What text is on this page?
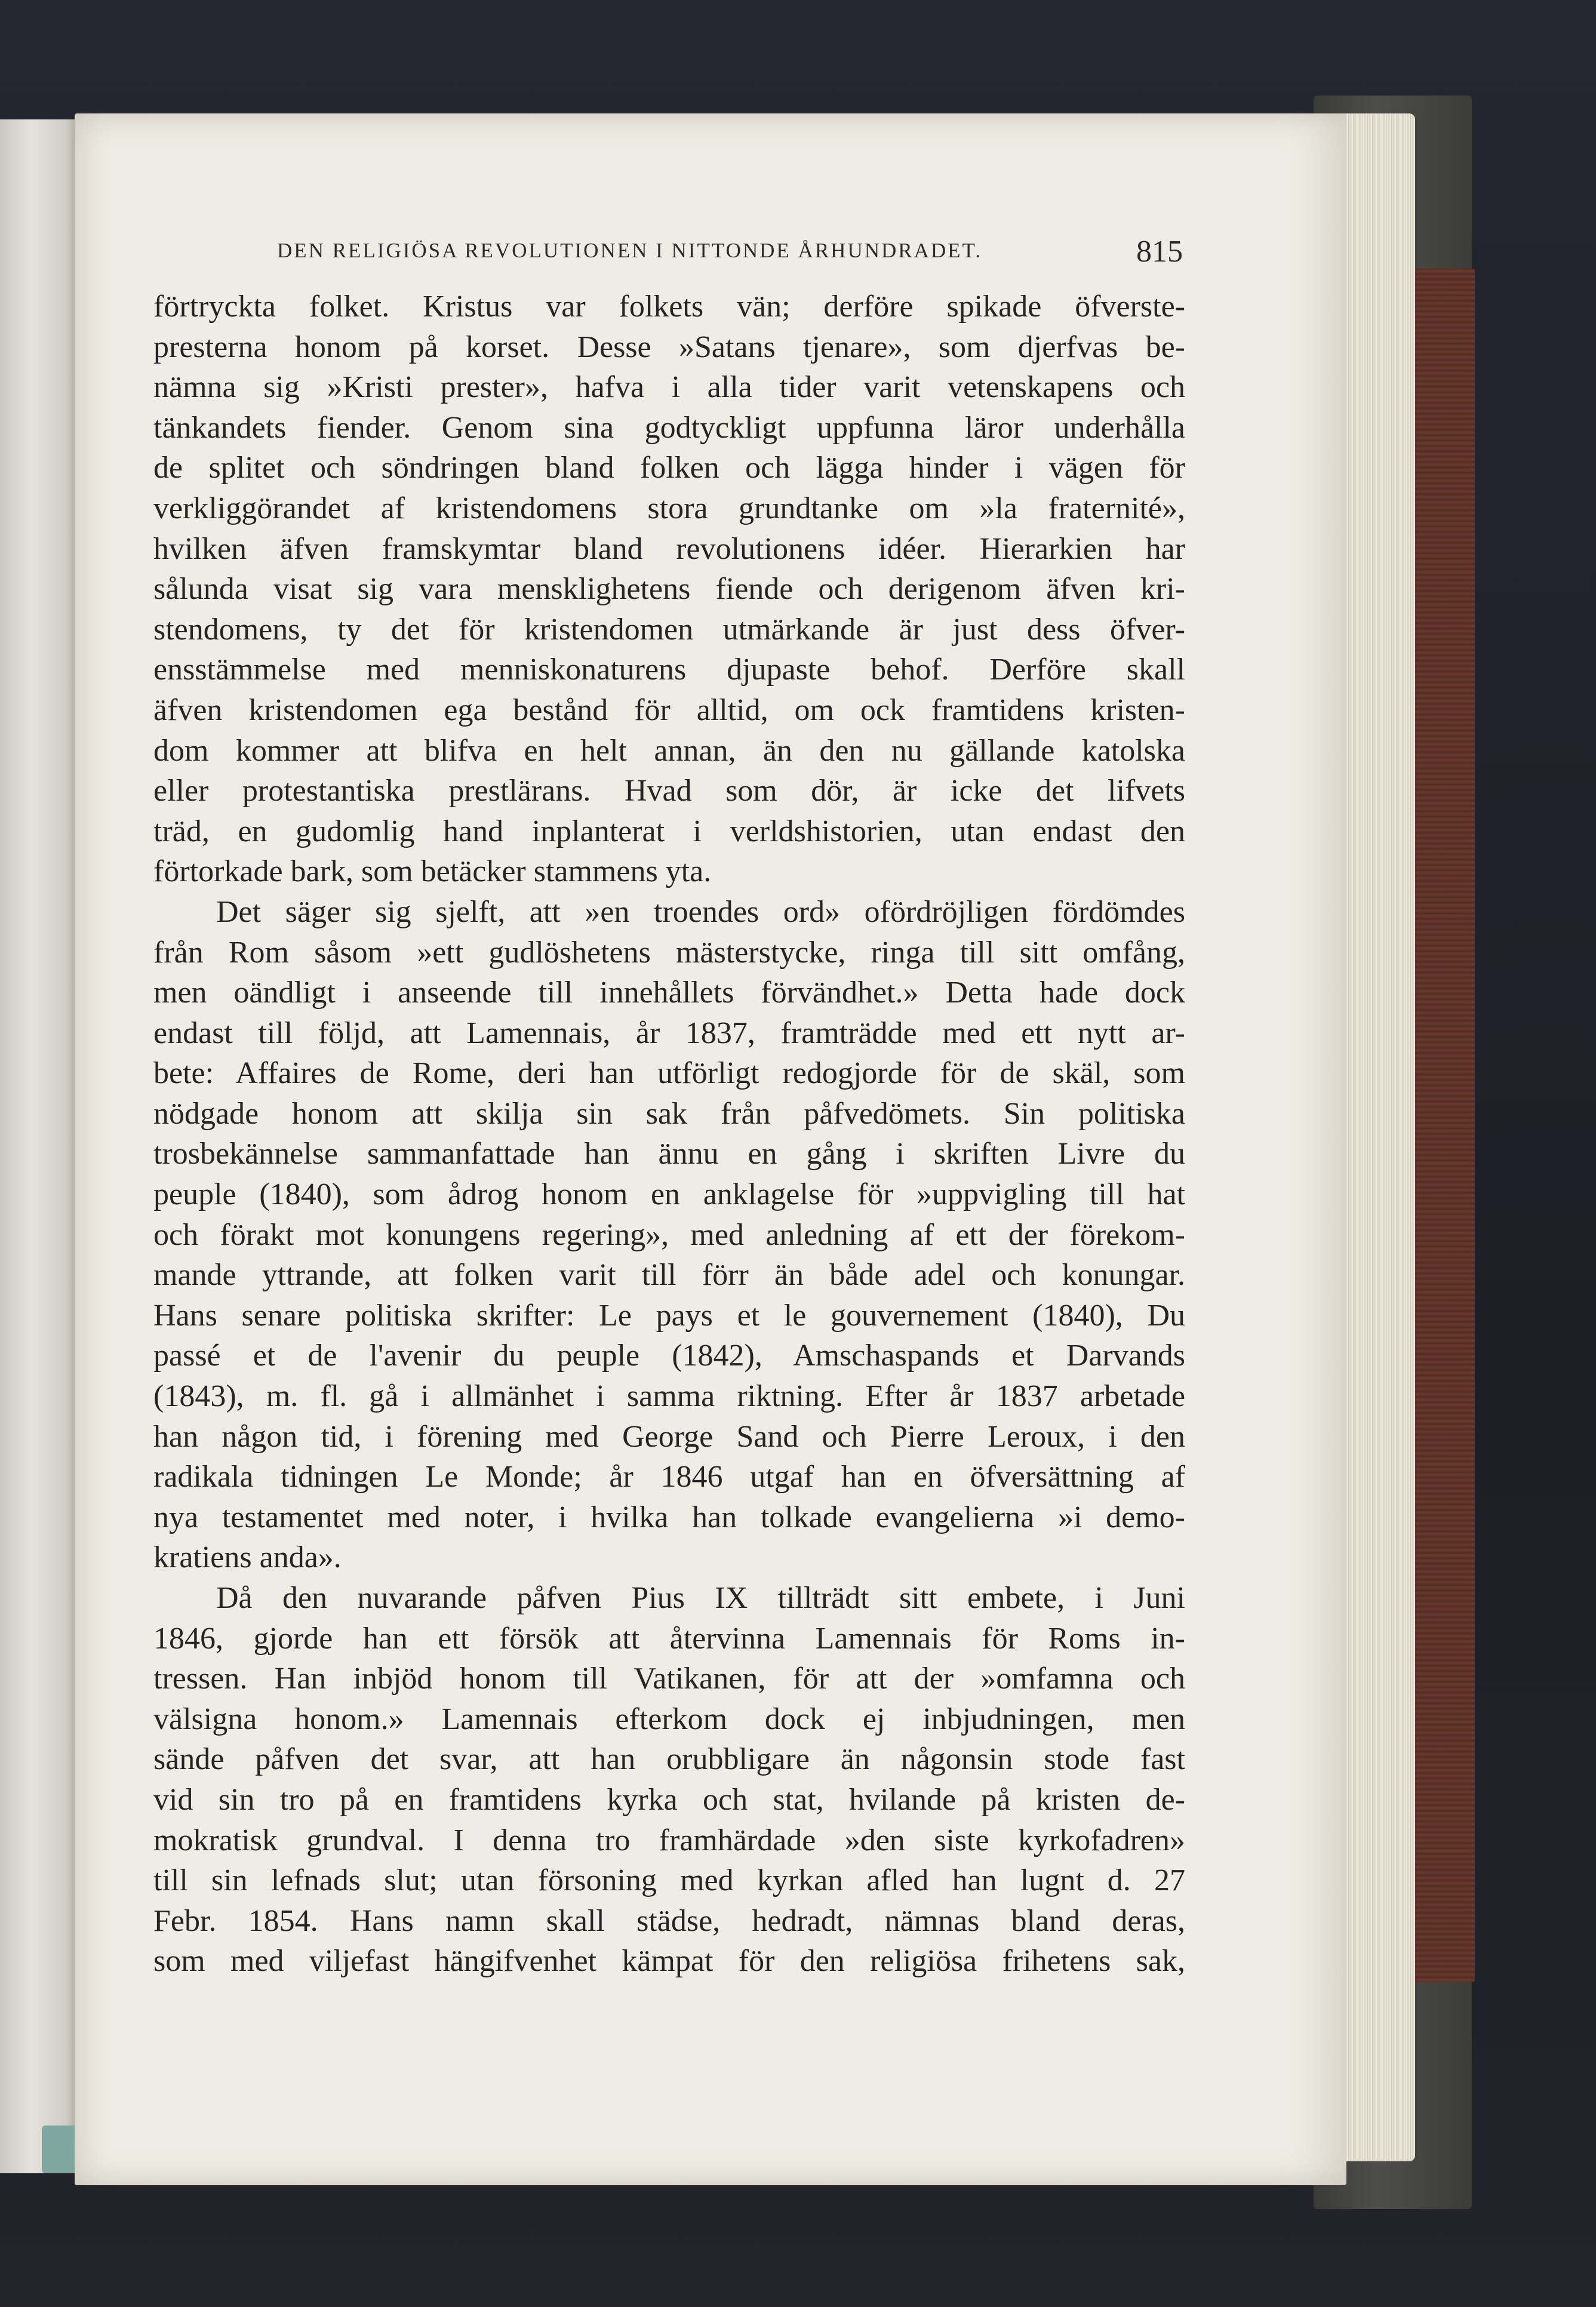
DEN RELIGIÖSA REVOLUTIONEN I NITTONDE ÅRHUNDRADET.	815
förtryckta folket. Kristus var folkets vän; derföre spikade öfverste-
presterna honom på korset. Desse »Satans tjenare», som djerfvas be-
nämna sig »Kristi prester», hafva i alla tider varit vetenskapens och
tänkandets fiender. Genom sina godtyckligt uppfunna läror underhålla
de splitet och söndringen bland folken och lägga hinder i vägen för
verkliggörandet af kristendomens stora grundtanke om »la fraternité»,
hvilken äfven framskymtar bland revolutionens idéer. Hierarkien har
sålunda visat sig vara mensklighetens fiende och derigenom äfven kri-
stendomens, ty det för kristendomen utmärkande är just dess öfver-
ensstämmelse med menniskonaturens djupaste behof. Derföre skall
äfven kristendomen ega bestånd för alltid, om ock framtidens kristen-
dom kommer att blifva en helt annan, än den nu gällande katolska
eller protestantiska prestlärans. Hvad som dör, är icke det lifvets
träd, en gudomlig hand inplanterat i verldshistorien, utan endast den
förtorkade bark, som betäcker stammens yta.
Det säger sig sjelft, att »en troendes ord» ofördröjligen fördömdes
från Rom såsom »ett gudlöshetens mästerstycke, ringa till sitt omfång,
men oändligt i anseende till innehållets förvändhet.» Detta hade dock
endast till följd, att Lamennais, år 1837, framträdde med ett nytt ar-
bete: Affaires de Rome, deri han utförligt redogjorde för de skäl, som
nödgade honom att skilja sin sak från påfvedömets. Sin politiska
trosbekännelse sammanfattade han ännu en gång i skriften Livre du
peuple (1840), som ådrog honom en anklagelse för »uppvigling till hat
och förakt mot konungens regering», med anledning af ett der förekom-
mande yttrande, att folken varit till förr än både adel och konungar.
Hans senare politiska skrifter: Le pays et le gouvernement (1840), Du
passé et de l'avenir du peuple (1842), Amschaspands et Darvands
(1843), m. fl. gå i allmänhet i samma riktning. Efter år 1837 arbetade
han någon tid, i förening med George Sand och Pierre Leroux, i den
radikala tidningen Le Monde; år 1846 utgaf han en öfversättning af
nya testamentet med noter, i hvilka han tolkade evangelierna »i demo-
kratiens anda».
Då den nuvarande påfven Pius IX tillträdt sitt embete, i Juni
1846, gjorde han ett försök att återvinna Lamennais för Roms in-
tressen. Han inbjöd honom till Vatikanen, för att der »omfamna och
välsigna honom.» Lamennais efterkom dock ej inbjudningen, men
sände påfven det svar, att han orubbligare än någonsin stode fast
vid sin tro på en framtidens kyrka och stat, hvilande på kristen de-
mokratisk grundval. I denna tro framhärdade »den siste kyrkofadren»
till sin lefnads slut; utan försoning med kyrkan afled han lugnt d. 27
Febr. 1854. Hans namn skall städse, hedradt, nämnas bland deras,
som med viljefast hängifvenhet kämpat för den religiösa frihetens sak,
